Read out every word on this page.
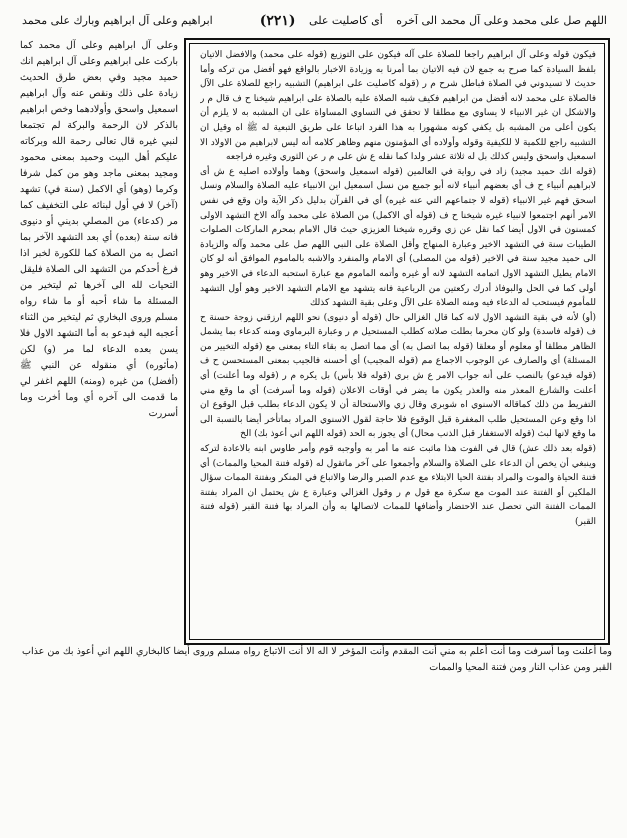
اللهم صل على محمد وعلى آل محمد الى آخره
أى كاصليت على
(٢٢١)
ابراهيم وعلى آل ابراهيم وبارك على محمد

فيكون قوله وعلى آل ابراهيم راجعا للصلاة على آله فيكون على التوزيع (قوله على محمد) والافضل الاتيان بلفظ السيادة كما صرح به جمع لان فيه الاتيان بما أمرنا به وزيادة الاخبار بالواقع فهو أفضل من تركه وأما حديث لا تسيدوني في الصلاة فباطل شرح م ر (قوله كاصليت على ابراهيم) التشبيه راجع للصلاة على الآل فالصلاة على محمد لانه أفضل من ابراهيم فكيف شبه الصلاة عليه بالصلاة على ابراهيم شيخنا ح ف قال م ر والاشكل ان غير الانبياء لا يساوي مع مطلقا لا تحقق في التساوي المساواة على ان المشبه به لا يلزم أن يكون أعلى من المشبه بل يكفي كونه مشهورا به هذا الفرد اتباعا على طريق التبعية له ﷺ اه وقيل ان التشبيه راجع للكمية لا للكيفية وقوله وأولاده أي المؤمنون منهم وظاهر كلامه أنه ليس لابراهيم من الاولاد الا اسمعيل واسحق وليس كذلك بل له ثلاثة عشر ولدا كما نقله ع ش على م ر عن الثوري وغيره فراجعه

(قوله انك حميد مجيد) زاد في رواية في العالمين (قوله اسمعيل واسحق) وهما وأولاده اصليه ع ش أى لابراهيم أنبياء ح ف أي بعضهم أنبياء لانه أبو جميع من نسل اسمعيل ابن الانبياء عليه الصلاة والسلام ونسل اسحق فهم غير الانبياء (قوله لا جتماعهم التي عنه غيره) أي في القرآن بدليل ذكر الآية وان وقع في نفس الامر أنهم اجتمعوا لانبياء غيره شيخنا ح ف (قوله أي الاكمل) من الصلاة على محمد وآله الاخ التشهد الاولى كمسنون في الاول أيضا كما نقل عن زي وقرره شيخنا العزيزي حيث قال الامام بمحرم الماركات الصلوات الطيبات سنة في التشهد الاخير وعبارة المنهاج وأقل الصلاة على النبي اللهم صل على محمد وآله والزيادة الى حميد مجيد سنة في الاخير (قوله من المصلى) أي الامام والمنفرد والاشبه بالماموم الموافق أنه لو كان الامام يطيل التشهد الاول اتمامه التشهد لانه أو غيره وأتمه الماموم مع عبارة استحبه الدعاء في الاخير وهو أولى كما في الحل والبوفاذ أدرك ركعتين من الرباعية فانه يتشهد مع الامام التشهد الاخير وهو أول التشهد للمأموم فيستحب له الدعاء فيه ومنه الصلاة على الآل وعلى بقية التشهد كذلك

(أو) لأنه في بقية التشهد الاول لانه كما قال الغزالي حال (قوله أو دنيوى) نحو اللهم ارزقني زوجة حسنة ح ف (قوله فاسدة) ولو كان محرما بطلت صلاته كطلب المستحيل م ر وعبارة البرماوي ومنه كدعاء بما يشمل الظاهر مطلقا أو معلوم أو معلقا (قوله بما اتصل به) أي مما اتصل به بقاء التاء بمعنى مع (قوله التخيير من المسئلة) أي والصارف عن الوجوب الاجماع مم (قوله المجيب) أي أحسنه فالجيب بمعنى المستحسن ح ف (قوله فيدعو) بالنصب على أنه جواب الامر ع ش بري (قوله فلا بأس) بل يكره م ر (قوله وما أعلنت) أي أعلنت والشارع المعذر منه والعذر يكون ما يضر في أوقات الاعلان (قوله وما أسرفت) أي ما وقع مني التفريط من ذلك كماقاله الاسنوي اه شوبري وقال زي والاستحالة أن لا يكون الدعاء بطلب قبل الوقوع ان اذا وقع وعن المستحيل طلب المغفرة قبل الوقوع فلا حاجة لقول الاسنوي المراد بماتأخر أيضا بالنسبة الى ما وقع لانها لبث (قوله الاستغفار قبل الذنب محال) أي يجوز به الحد (قوله اللهم اني أعوذ بك) الخ

(قوله بعد ذلك عش) قال في الفوت هذا ماثبت عنه ما أمر به وأوجبه قوم وأمر طاوس ابنه بالاعادة لتركه وينبغي أن يخص أن الدعاء على الصلاة والسلام وأجمعوا على آخر ماتقول له (قوله فتنة المحيا والممات) أي فتنة الحياة والموت والمراد بفتنة الحيا الابتلاء مع عدم الصبر والرضا والاتباع في المنكر وبفتنة الممات سؤال الملكين أو الفتنة عند الموت مع سكرة مع قول م ر وقول الغزالي وعبارة ع ش يحتمل ان المراد بفتنة الممات الفتنة التي تحصل عند الاحتضار وأضافها للممات لاتصالها به وأن المراد بها فتنة القبر (قوله فتنة القبر)

وعلى آل ابراهيم وعلى آل محمد كما باركت على ابراهيم وعلى آل ابراهيم انك حميد مجيد وفي بعض طرق الحديث زيادة على ذلك ونقص عنه وآل ابراهيم اسمعيل واسحق وأولادهما وخص ابراهيم بالذكر لان الرحمة والبركة لم تجتمعا لنبي غيره قال تعالى رحمة الله وبركاته عليكم أهل البيت وحميد بمعنى محمود ومجيد بمعنى ماجد وهو من كمل شرفا وكرما (وهو) أي الاكمل (سنة في) تشهد (آخر) لا في أول لبنائه على التخفيف كما مر (كدعاء) من المصلي بديني أو دنيوى فانه سنة (بعده) أي بعد التشهد الآخر بما اتصل به من الصلاة كما للكورة لخبر اذا فرغ أحدكم من التشهد الى الصلاة فليقل التحيات لله الى آخرها ثم ليتخير من المسئلة ما شاء أحبه أو ما شاء رواه مسلم وروى البخاري ثم ليتخير من الثناء أعجبه اليه فيدعو به أما التشهد الاول فلا يسن بعده الدعاء لما مر (و) لكن (مأثوره) أي منقوله عن النبي ﷺ (أفضل) من غيره (ومنه) اللهم اغفر لي ما قدمت الى آخره أي وما أخرت وما أسررت

وما أعلنت وما أسرفت وما أنت أعلم به مني أنت المقدم وأنت المؤخر لا اله الا أنت الاتباع رواه مسلم وروى أيضا كالبخاري اللهم اني أعوذ بك من عذاب القبر ومن عذاب النار ومن فتنة المحيا والممات
